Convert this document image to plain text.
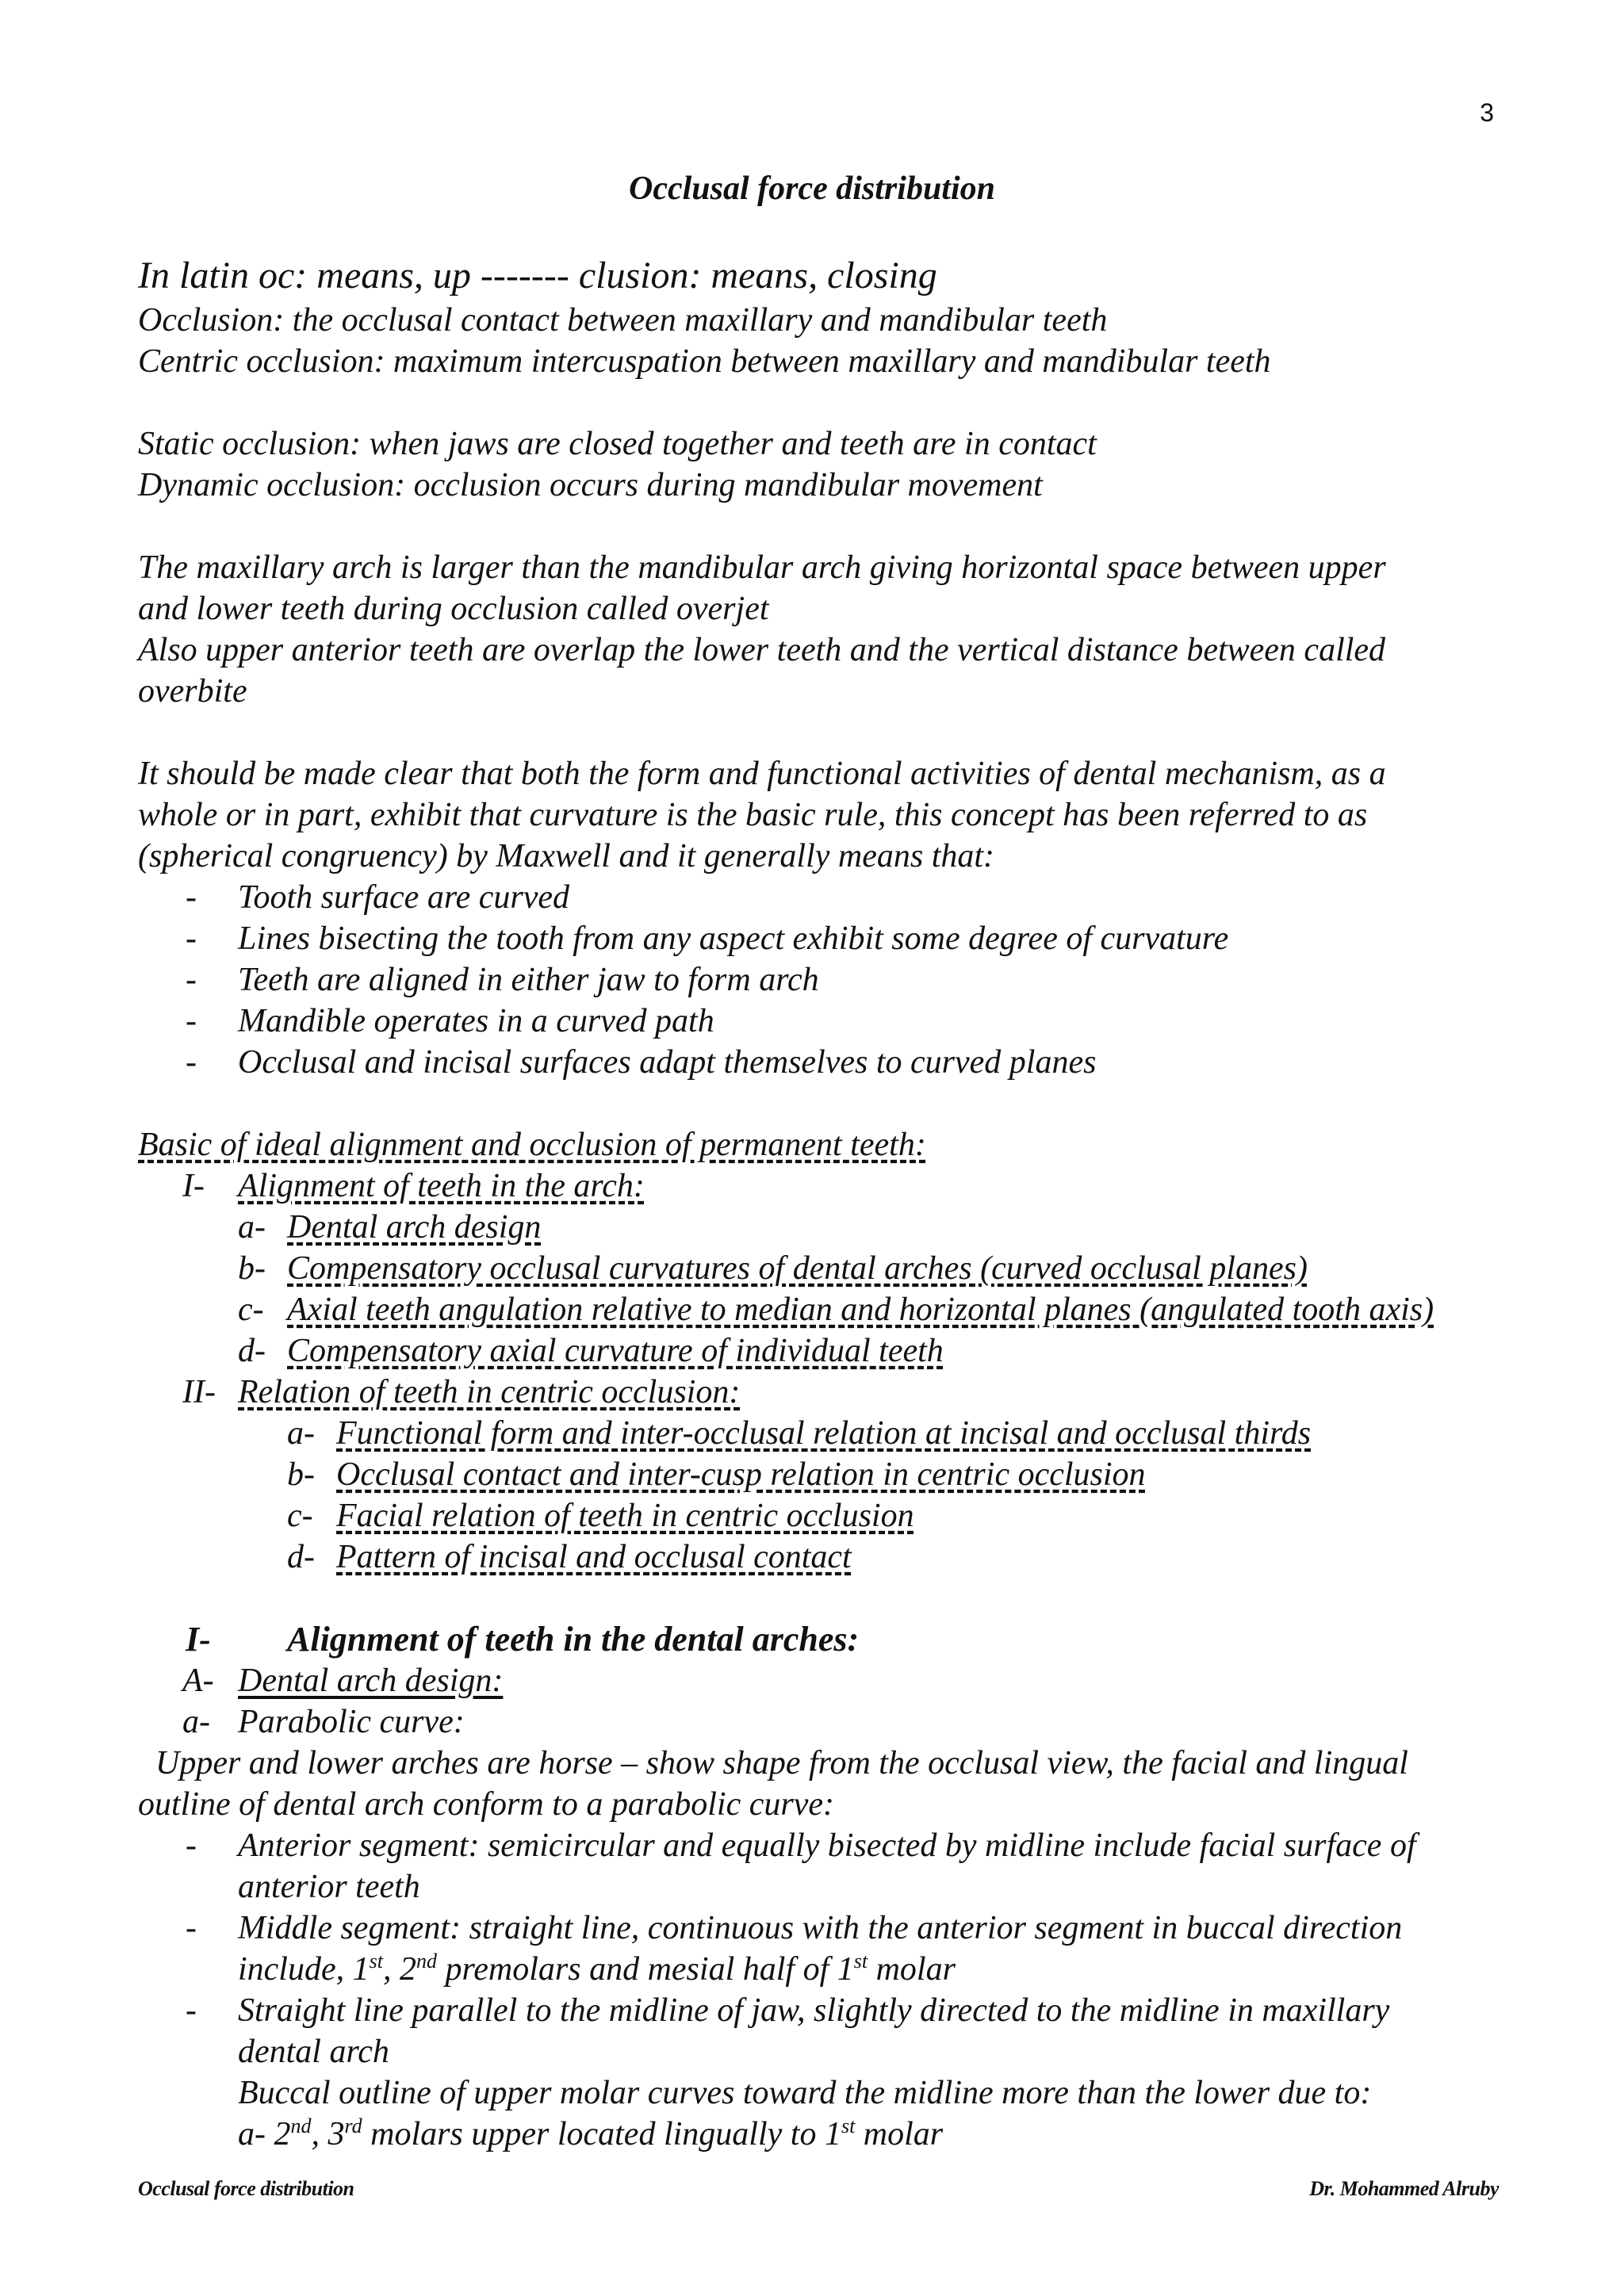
3
Occlusal force distribution
In latin oc: means, up ------- clusion: means, closing
Occlusion: the occlusal contact between maxillary and mandibular teeth
Centric occlusion: maximum intercuspation between maxillary and mandibular teeth
Static occlusion: when jaws are closed together and teeth are in contact
Dynamic occlusion: occlusion occurs during mandibular movement
The maxillary arch is larger than the mandibular arch giving horizontal space between upper
and lower teeth during occlusion called overjet
Also upper anterior teeth are overlap the lower teeth and the vertical distance between called
overbite
It should be made clear that both the form and functional activities of dental mechanism, as a
whole or in part, exhibit that curvature is the basic rule, this concept has been referred to as
(spherical congruency) by Maxwell and it generally means that:
- Tooth surface are curved
- Lines bisecting the tooth from any aspect exhibit some degree of curvature
- Teeth are aligned in either jaw to form arch
- Mandible operates in a curved path
- Occlusal and incisal surfaces adapt themselves to curved planes
Basic of ideal alignment and occlusion of permanent teeth:
I- Alignment of teeth in the arch:
a- Dental arch design
b- Compensatory occlusal curvatures of dental arches (curved occlusal planes)
c- Axial teeth angulation relative to median and horizontal planes (angulated tooth axis)
d- Compensatory axial curvature of individual teeth
II- Relation of teeth in centric occlusion:
a- Functional form and inter-occlusal relation at incisal and occlusal thirds
b- Occlusal contact and inter-cusp relation in centric occlusion
c- Facial relation of teeth in centric occlusion
d- Pattern of incisal and occlusal contact
I- Alignment of teeth in the dental arches:
A- Dental arch design:
a- Parabolic curve:
Upper and lower arches are horse – show shape from the occlusal view, the facial and lingual
outline of dental arch conform to a parabolic curve:
- Anterior segment: semicircular and equally bisected by midline include facial surface of
anterior teeth
- Middle segment: straight line, continuous with the anterior segment in buccal direction
include, 1st, 2nd premolars and mesial half of 1st molar
- Straight line parallel to the midline of jaw, slightly directed to the midline in maxillary
dental arch
Buccal outline of upper molar curves toward the midline more than the lower due to:
a- 2nd, 3rd molars upper located lingually to 1st molar
Occlusal force distribution	Dr. Mohammed Alruby
